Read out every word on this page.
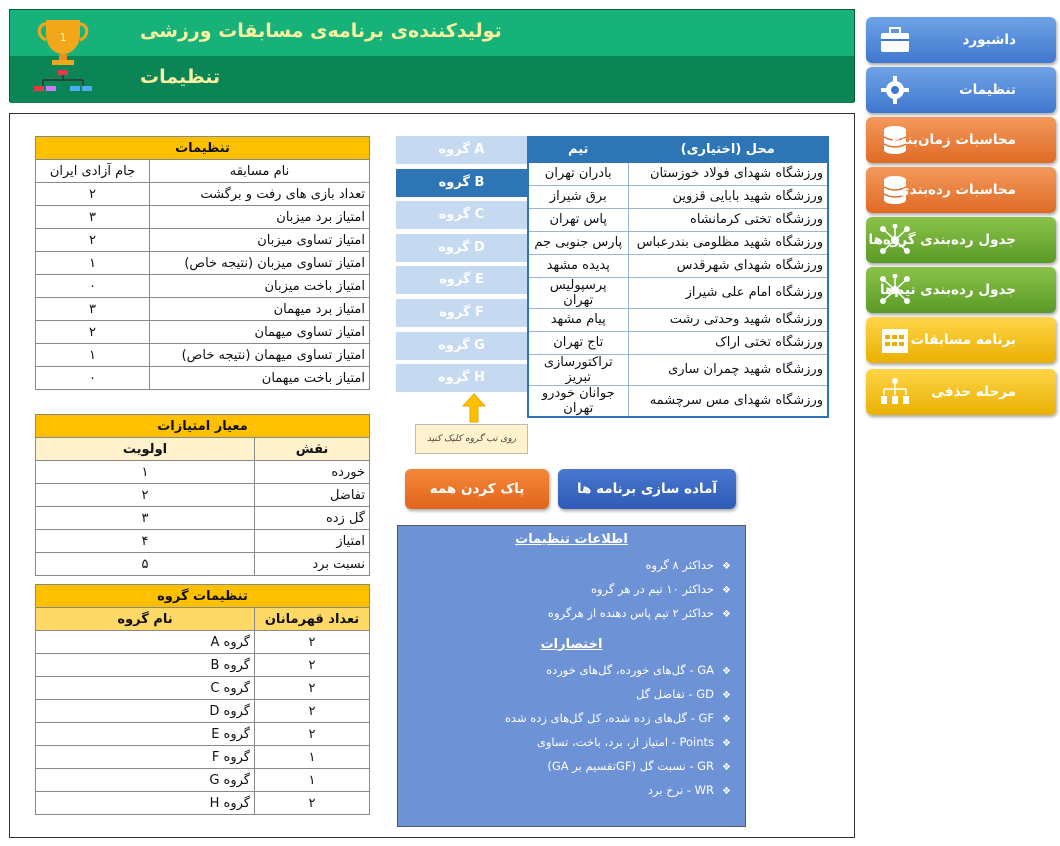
1	تولیدکننده‌ی برنامه‌ی مسابقات ورزشی
تنظیمات
تنظیمات	
نام مسابقه	جام آزادی ایران
تعداد بازی های رفت و برگشت	۲
امتیاز برد میزبان	۳
امتیاز تساوی میزبان	۲
امتیاز تساوی میزبان (نتیجه خاص)	۱
امتیاز باخت میزبان	۰
امتیاز برد میهمان	۳
امتیاز تساوی میهمان	۲
امتیاز تساوی میهمان (نتیجه خاص)	۱
امتیاز باخت میهمان	۰
معیار امتیازات	
نقش	اولویت
خورده	۱
تفاضل	۲
گل زده	۳
امتیاز	۴
نسبت برد	۵
تنظیمات گروه	
تعداد قهرمانان	نام گروه
۲	گروه A
۲	گروه B
۲	گروه C
۲	گروه D
۲	گروه E
۱	گروه F
۱	گروه G
۲	گروه H
گروه A
گروه B
گروه C
گروه D
گروه E
گروه F
گروه G
گروه H
محل (اختیاری)	تیم
ورزشگاه شهدای فولاد خوزستان	بادران تهران
ورزشگاه شهید بابایی قزوین	برق شیراز
ورزشگاه تختی کرمانشاه	پاس تهران
ورزشگاه شهید مظلومی بندرعباس	پارس جنوبی جم
ورزشگاه شهدای شهرقدس	پدیده مشهد
ورزشگاه امام علی شیراز	پرسپولیس تهران
ورزشگاه شهید وحدتی رشت	پیام مشهد
ورزشگاه تختی اراک	تاج تهران
ورزشگاه شهید چمران ساری	تراکتورسازی تبریز
ورزشگاه شهدای مس سرچشمه	جوانان خودرو تهران
روی تب گروه کلیک کنید
پاک کردن همه	آماده سازی برنامه ها
اطلاعات تنظیمات
❖ حداکثر ۸ گروه
❖ حداکثر ۱۰ تیم در هر گروه
❖ حداکثر ۲ تیم پاس دهنده از هرگروه
اختصارات
❖ GA - گل‌های خورده، گل‌های خورده
❖ GD - تفاضل گل
❖ GF - گل‌های زده شده، کل گل‌های زده شده
❖ Points - امتیاز از، برد، باخت، تساوی
❖ GR - نسبت گل (GFتقسیم بر GA)
❖ WR - نرخ برد
داشبورد
تنظیمات
محاسبات زمان‌بندی
محاسبات رده‌بندی
جدول رده‌بندی گروه‌ها
جدول رده‌بندی تیم‌ها
برنامه مسابقات
مرحله حذفی
